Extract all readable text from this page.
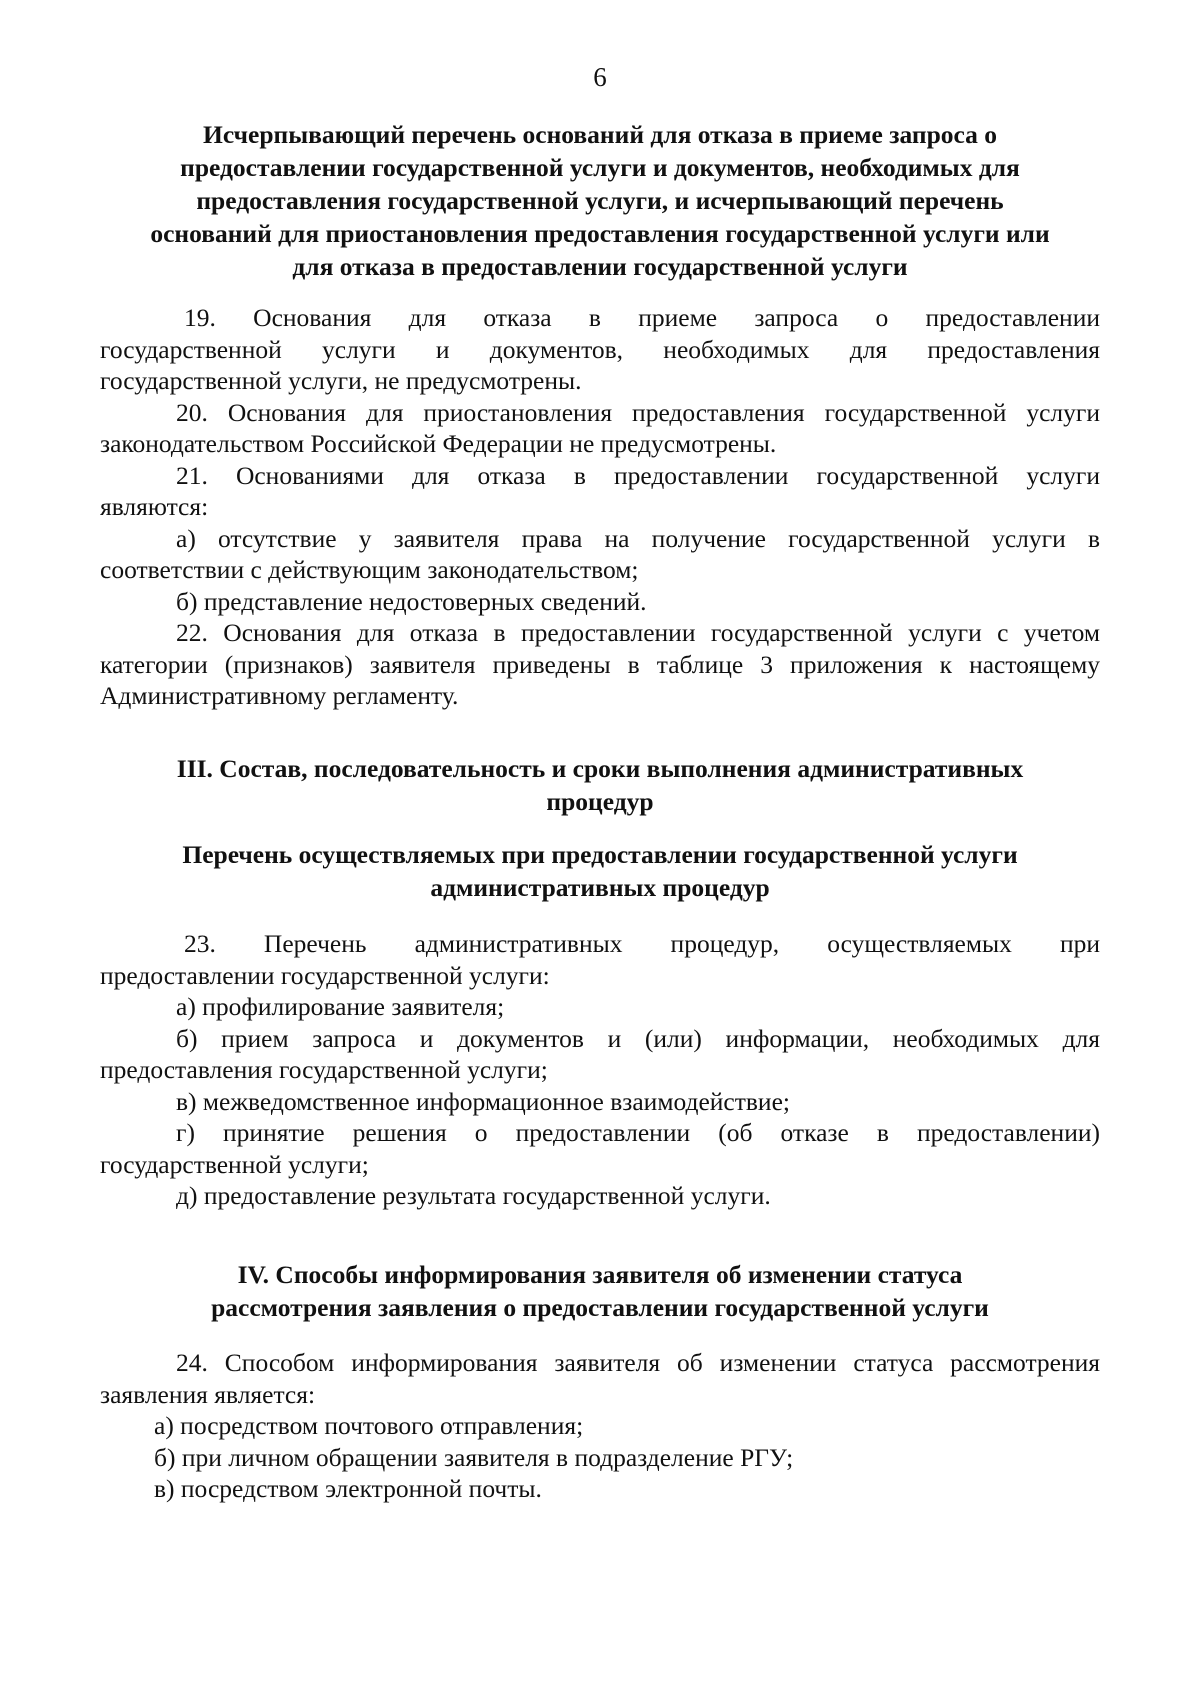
6
Исчерпывающий перечень оснований для отказа в приеме запроса о
предоставлении государственной услуги и документов, необходимых для
предоставления государственной услуги, и исчерпывающий перечень
оснований для приостановления предоставления государственной услуги или
для отказа в предоставлении государственной услуги
19. Основания для отказа в приеме запроса о предоставлении
государственной услуги и документов, необходимых для предоставления
государственной услуги, не предусмотрены.
20. Основания для приостановления предоставления государственной услуги
законодательством Российской Федерации не предусмотрены.
21. Основаниями для отказа в предоставлении государственной услуги
являются:
а) отсутствие у заявителя права на получение государственной услуги в
соответствии с действующим законодательством;
б) представление недостоверных сведений.
22. Основания для отказа в предоставлении государственной услуги с учетом
категории (признаков) заявителя приведены в таблице 3 приложения к настоящему
Административному регламенту.
III. Состав, последовательность и сроки выполнения административных
процедур
Перечень осуществляемых при предоставлении государственной услуги
административных процедур
23. Перечень административных процедур, осуществляемых при
предоставлении государственной услуги:
а) профилирование заявителя;
б) прием запроса и документов и (или) информации, необходимых для
предоставления государственной услуги;
в) межведомственное информационное взаимодействие;
г) принятие решения о предоставлении (об отказе в предоставлении)
государственной услуги;
д) предоставление результата государственной услуги.
IV. Способы информирования заявителя об изменении статуса
рассмотрения заявления о предоставлении государственной услуги
24. Способом информирования заявителя об изменении статуса рассмотрения
заявления является:
а) посредством почтового отправления;
б) при личном обращении заявителя в подразделение РГУ;
в) посредством электронной почты.
